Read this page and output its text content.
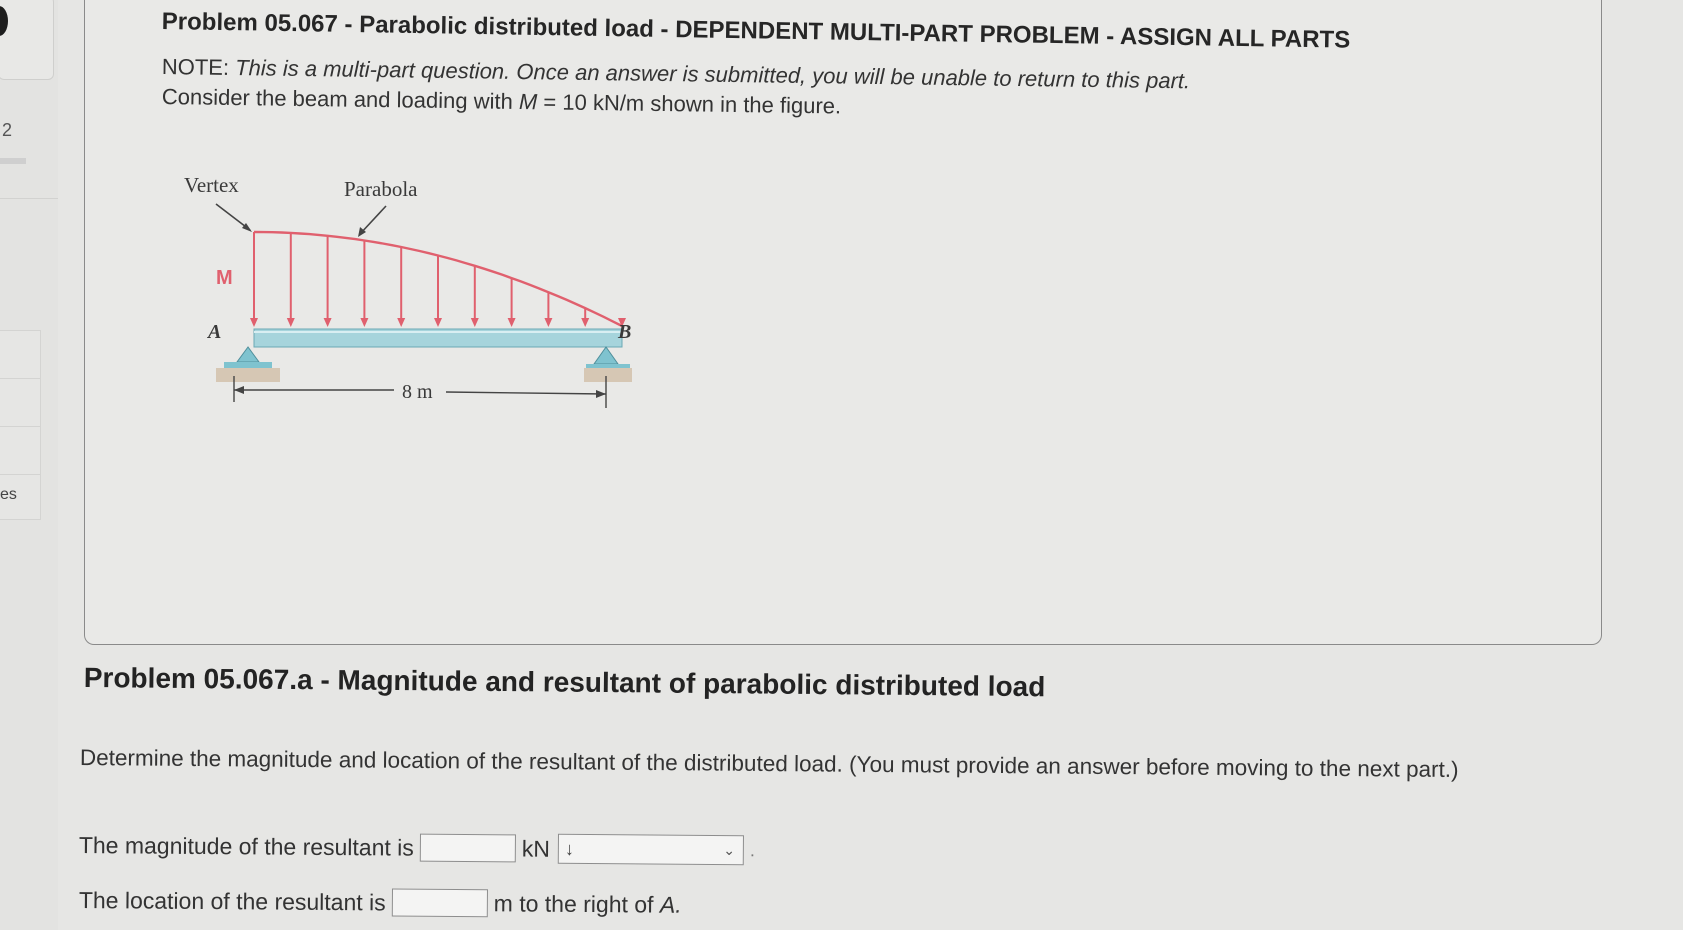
2
es
Problem 05.067 - Parabolic distributed load - DEPENDENT MULTI-PART PROBLEM - ASSIGN ALL PARTS
NOTE: This is a multi-part question. Once an answer is submitted, you will be unable to return to this part.
Consider the beam and loading with M = 10 kN/m shown in the figure.
Vertex	Parabola
M
A	B
8 m
Problem 05.067.a - Magnitude and resultant of parabolic distributed load
Determine the magnitude and location of the resultant of the distributed load. (You must provide an answer before moving to the next part.)
The magnitude of the resultant is	kN ↓	⌄ .
The location of the resultant is	m to the right of A.
